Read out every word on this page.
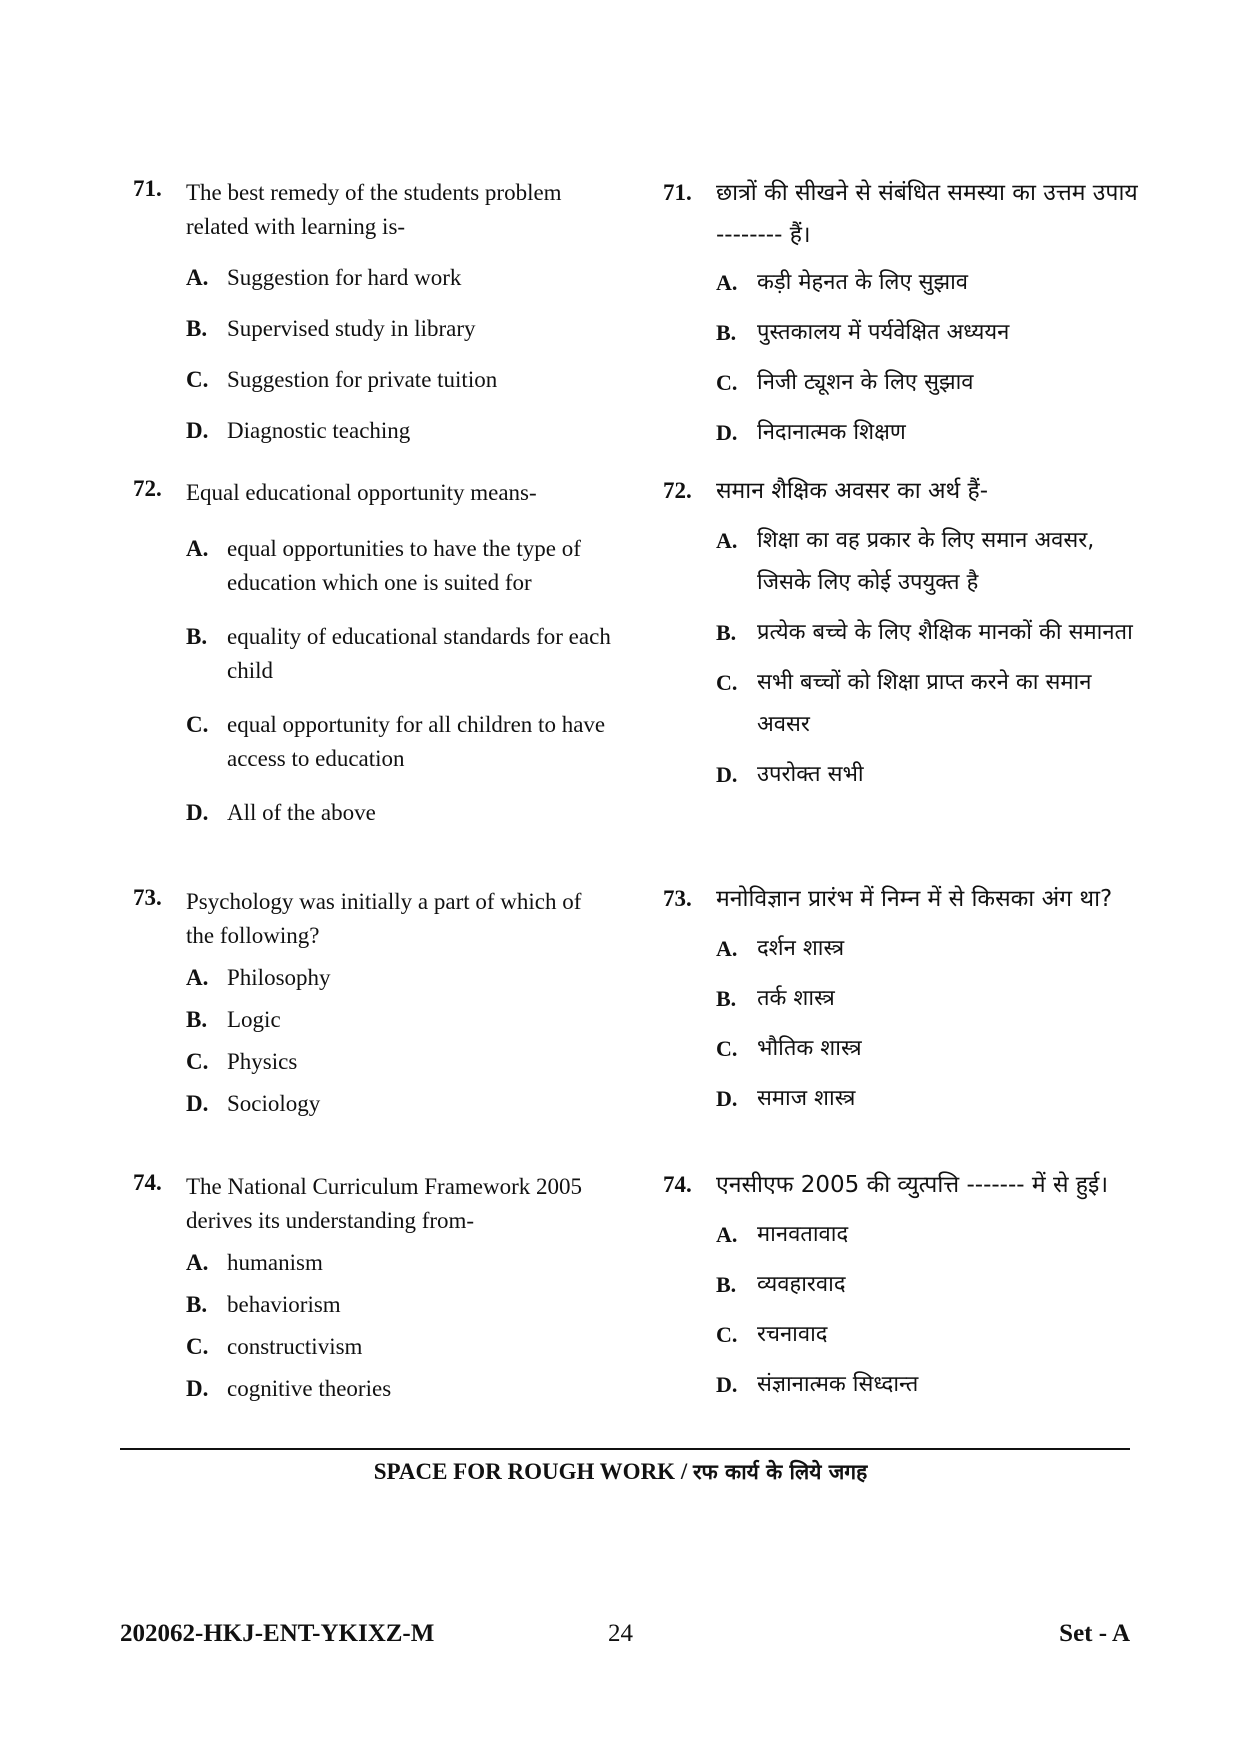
71. The best remedy of the students problem related with learning is-
A. Suggestion for hard work
B. Supervised study in library
C. Suggestion for private tuition
D. Diagnostic teaching
72. Equal educational opportunity means-
A. equal opportunities to have the type of education which one is suited for
B. equality of educational standards for each child
C. equal opportunity for all children to have access to education
D. All of the above
73. Psychology was initially a part of which of the following?
A. Philosophy
B. Logic
C. Physics
D. Sociology
74. The National Curriculum Framework 2005 derives its understanding from-
A. humanism
B. behaviorism
C. constructivism
D. cognitive theories
71. छात्रों की सीखने से संबंधित समस्या का उत्तम उपाय -------- हैं।
A. कड़ी मेहनत के लिए सुझाव
B. पुस्तकालय में पर्यवेक्षित अध्ययन
C. निजी ट्यूशन के लिए सुझाव
D. निदानात्मक शिक्षण
72. समान शैक्षिक अवसर का अर्थ हैं-
A. शिक्षा का वह प्रकार के लिए समान अवसर, जिसके लिए कोई उपयुक्त है
B. प्रत्येक बच्चे के लिए शैक्षिक मानकों की समानता
C. सभी बच्चों को शिक्षा प्राप्त करने का समान अवसर
D. उपरोक्त सभी
73. मनोविज्ञान प्रारंभ में निम्न में से किसका अंग था?
A. दर्शन शास्त्र
B. तर्क शास्त्र
C. भौतिक शास्त्र
D. समाज शास्त्र
74. एनसीएफ 2005 की व्युत्पत्ति ------- में से हुई।
A. मानवतावाद
B. व्यवहारवाद
C. रचनावाद
D. संज्ञानात्मक सिध्दान्त
SPACE FOR ROUGH WORK / रफ कार्य के लिये जगह
202062-HKJ-ENT-YKIXZ-M	24	Set - A
